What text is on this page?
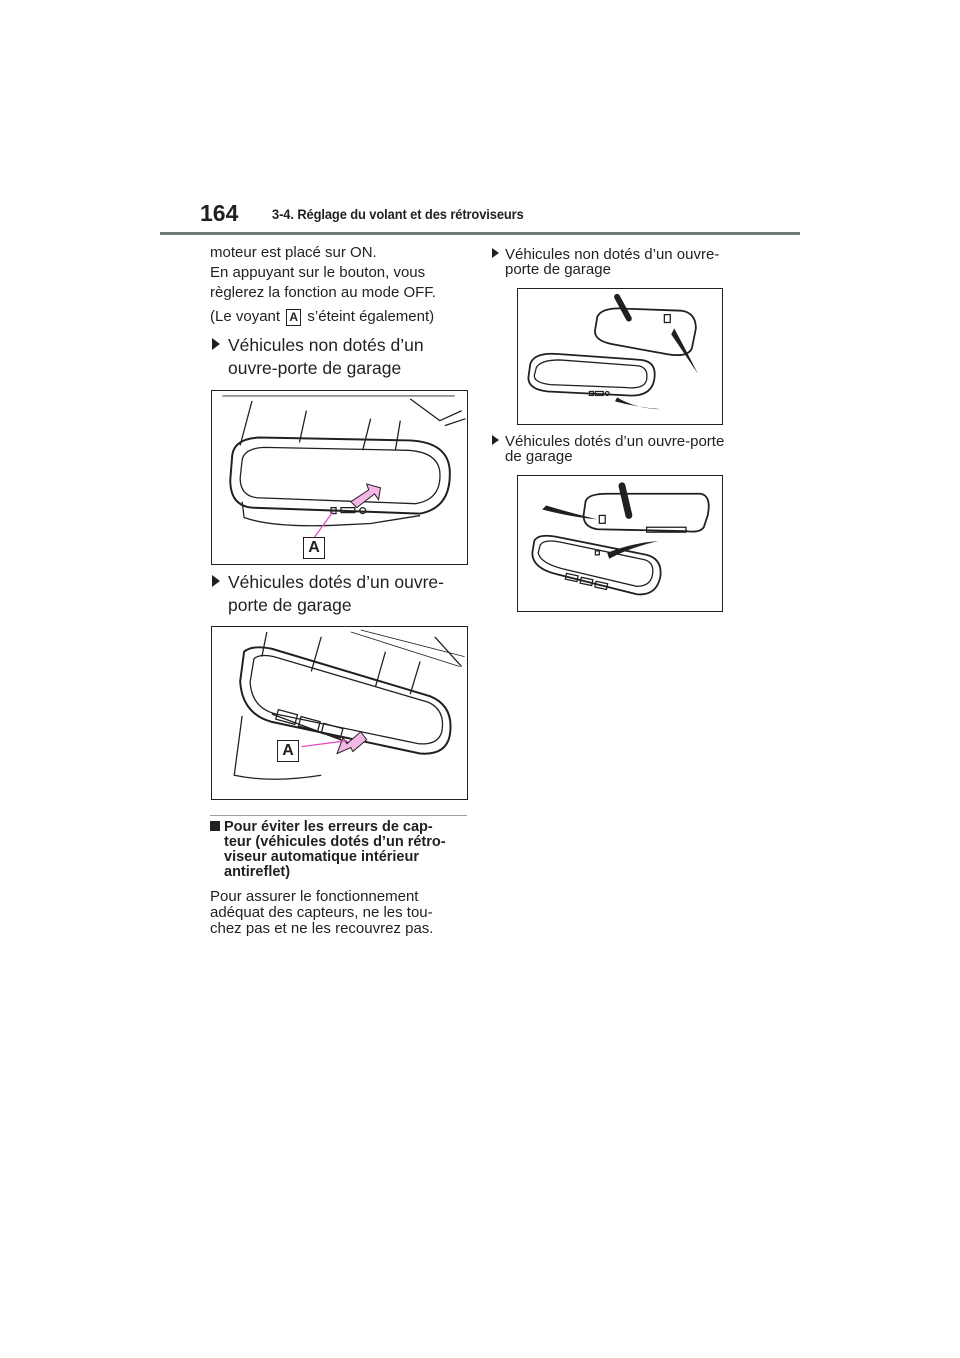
164 3-4. Réglage du volant et des rétroviseurs
moteur est placé sur ON.
En appuyant sur le bouton, vous
règlerez la fonction au mode OFF.
(Le voyant A s’éteint également)
Véhicules non dotés d’un
ouvre-porte de garage
A
Véhicules dotés d’un ouvre-
porte de garage
A
Pour éviter les erreurs de cap-
teur (véhicules dotés d’un rétro-
viseur automatique intérieur
antireflet)
Pour assurer le fonctionnement
adéquat des capteurs, ne les tou-
chez pas et ne les recouvrez pas.
Véhicules non dotés d’un ouvre-
porte de garage
Véhicules dotés d’un ouvre-porte
de garage
